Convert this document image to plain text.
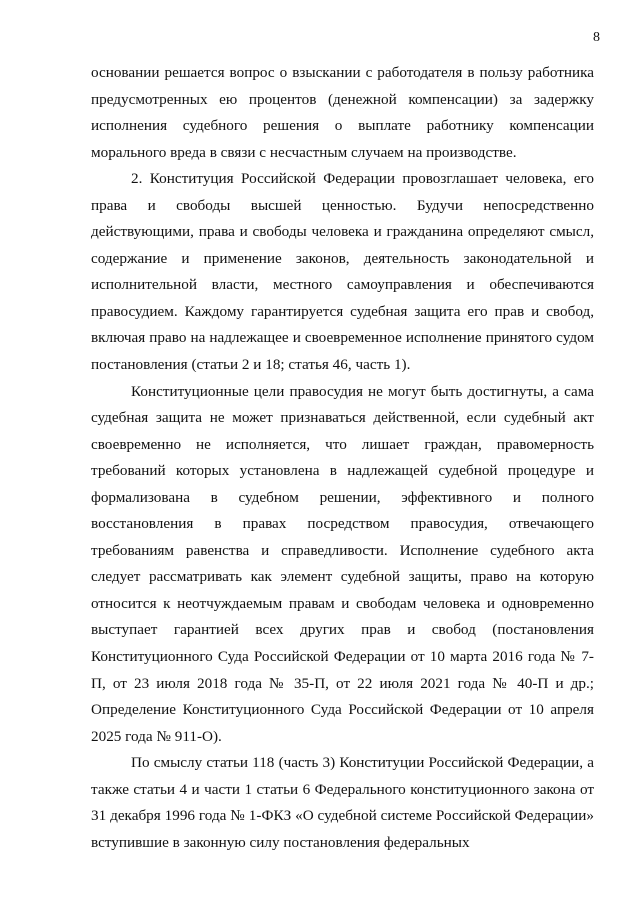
8

основании решается вопрос о взыскании с работодателя в пользу работника предусмотренных ею процентов (денежной компенсации) за задержку исполнения судебного решения о выплате работнику компенсации морального вреда в связи с несчастным случаем на производстве.

2. Конституция Российской Федерации провозглашает человека, его права и свободы высшей ценностью. Будучи непосредственно действующими, права и свободы человека и гражданина определяют смысл, содержание и применение законов, деятельность законодательной и исполнительной власти, местного самоуправления и обеспечиваются правосудием. Каждому гарантируется судебная защита его прав и свобод, включая право на надлежащее и своевременное исполнение принятого судом постановления (статьи 2 и 18; статья 46, часть 1).

Конституционные цели правосудия не могут быть достигнуты, а сама судебная защита не может признаваться действенной, если судебный акт своевременно не исполняется, что лишает граждан, правомерность требований которых установлена в надлежащей судебной процедуре и формализована в судебном решении, эффективного и полного восстановления в правах посредством правосудия, отвечающего требованиям равенства и справедливости. Исполнение судебного акта следует рассматривать как элемент судебной защиты, право на которую относится к неотчуждаемым правам и свободам человека и одновременно выступает гарантией всех других прав и свобод (постановления Конституционного Суда Российской Федерации от 10 марта 2016 года № 7-П, от 23 июля 2018 года № 35-П, от 22 июля 2021 года № 40-П и др.; Определение Конституционного Суда Российской Федерации от 10 апреля 2025 года № 911-О).

По смыслу статьи 118 (часть 3) Конституции Российской Федерации, а также статьи 4 и части 1 статьи 6 Федерального конституционного закона от 31 декабря 1996 года № 1-ФКЗ «О судебной системе Российской Федерации» вступившие в законную силу постановления федеральных
